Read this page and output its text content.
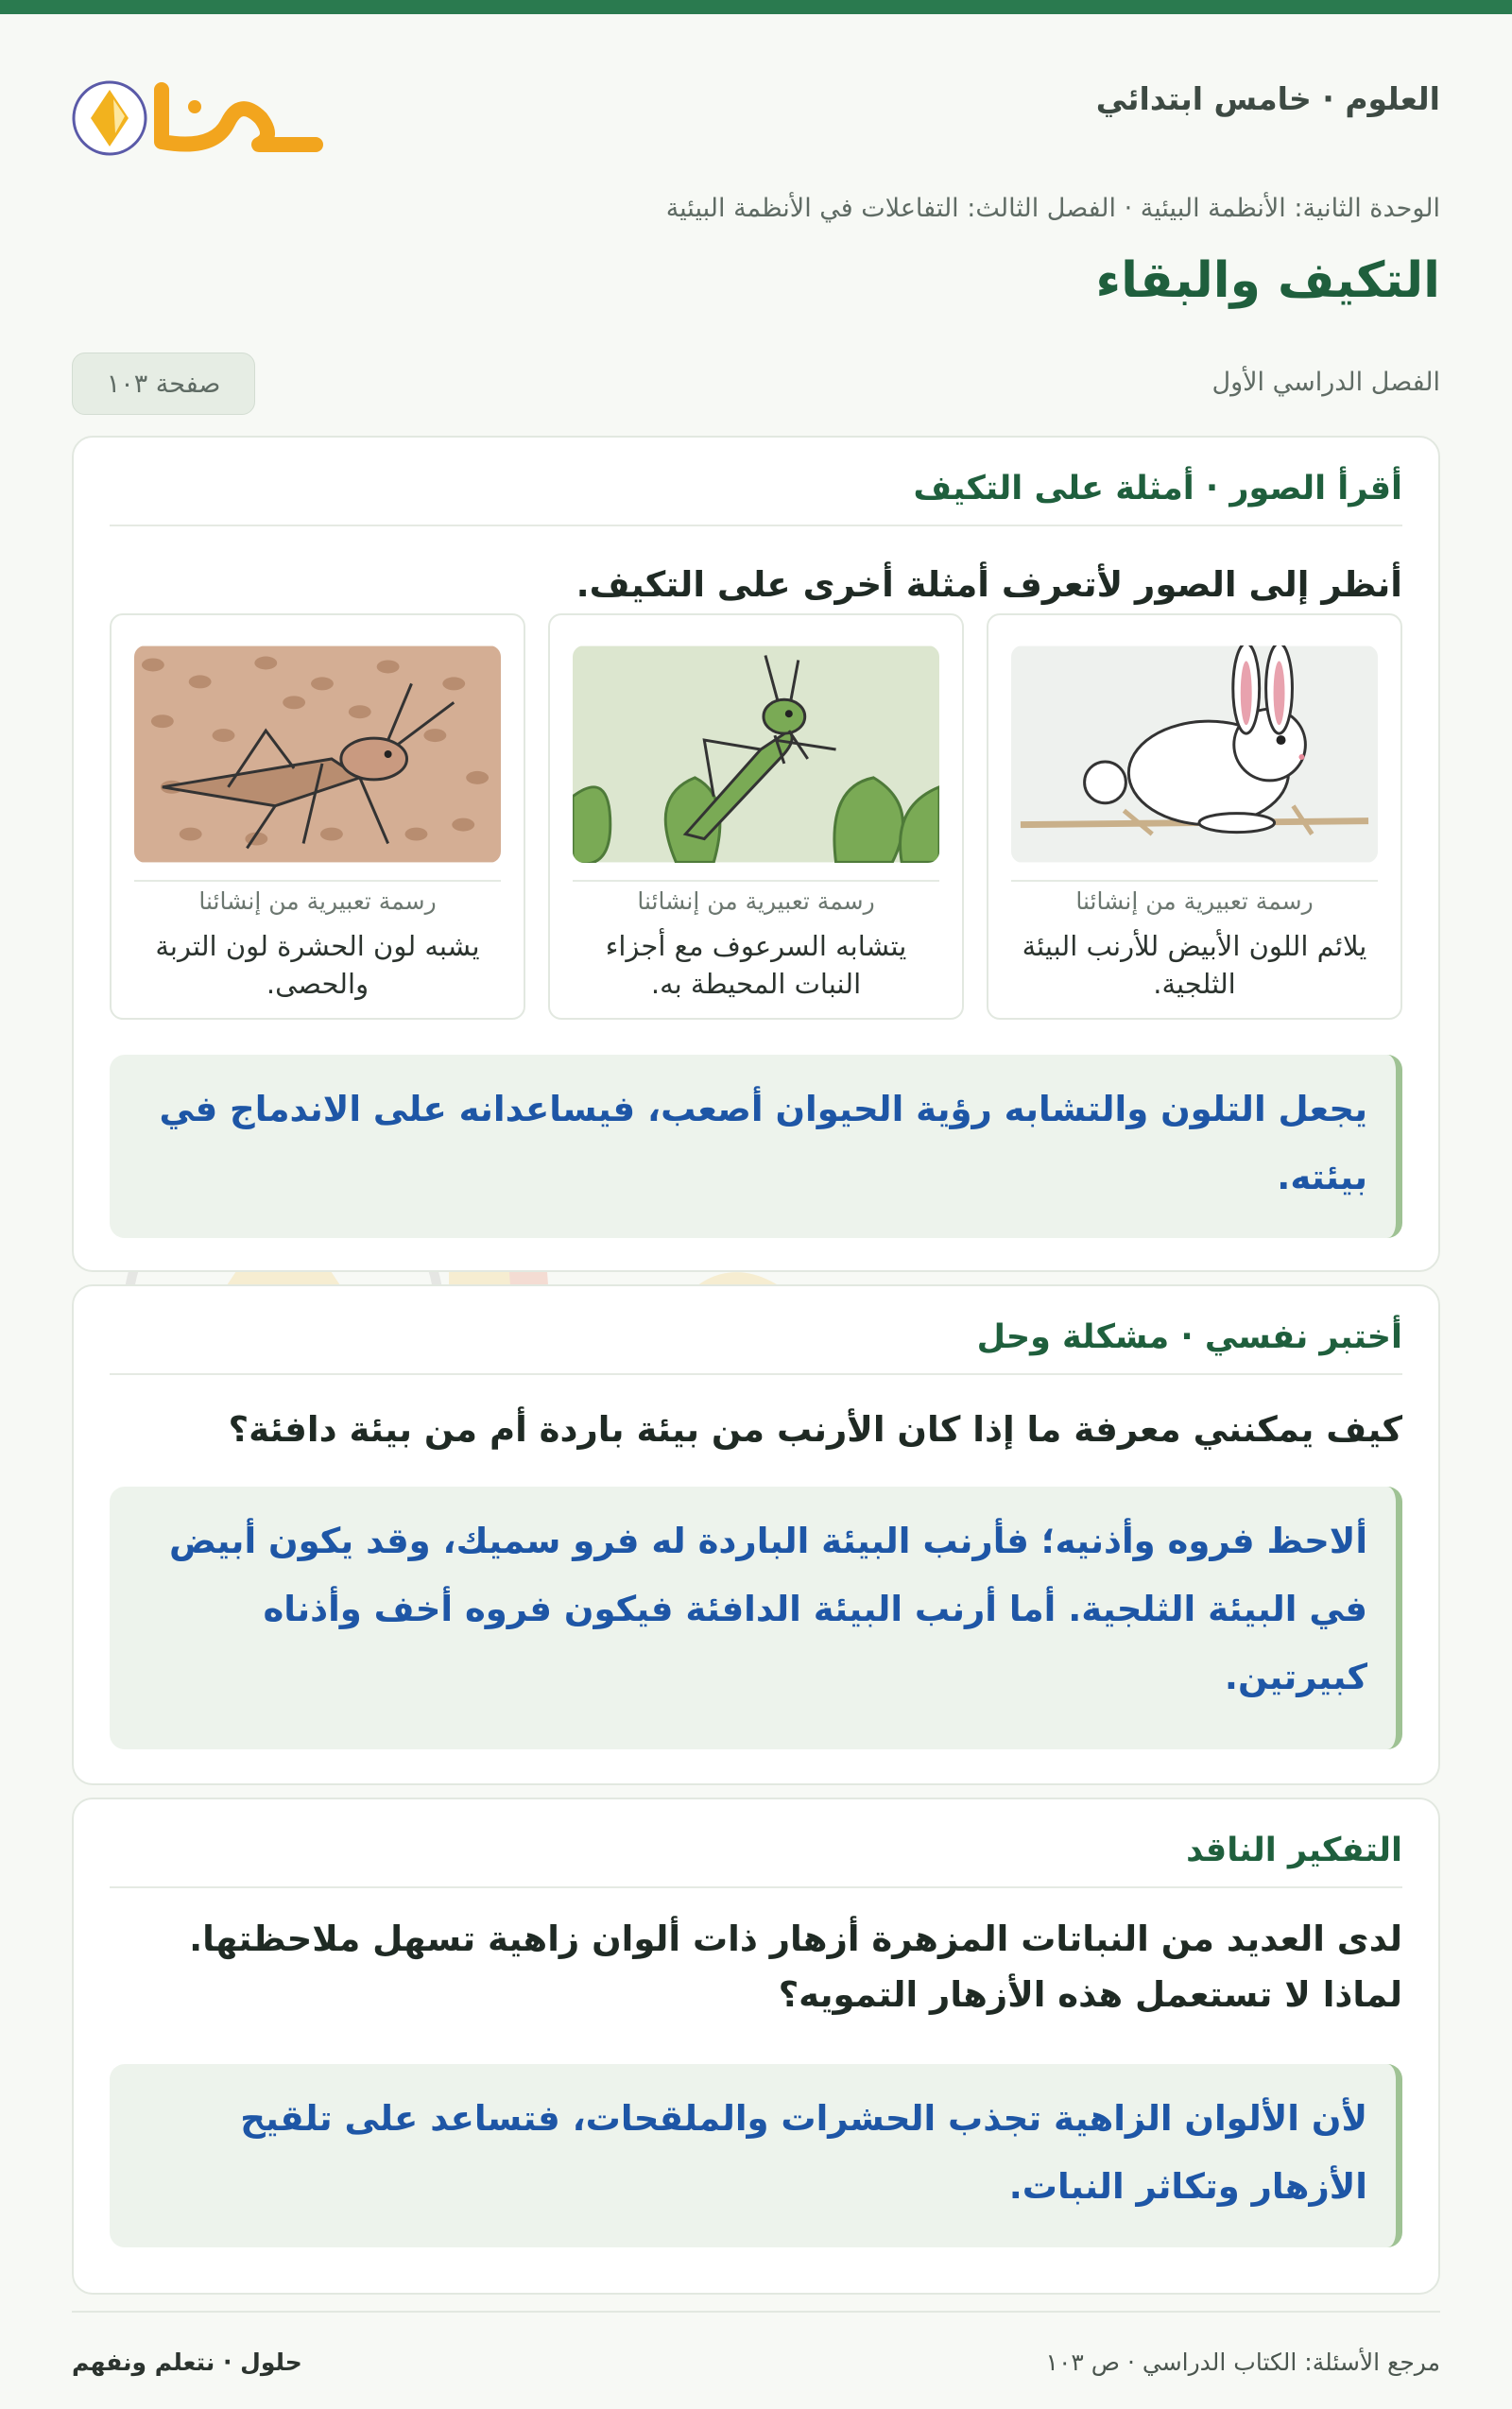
العلوم · خامس ابتدائي
الوحدة الثانية: الأنظمة البيئية · الفصل الثالث: التفاعلات في الأنظمة البيئية
التكيف والبقاء
الفصل الدراسي الأول
صفحة ١٠٣
أقرأ الصور · أمثلة على التكيف

أنظر إلى الصور لأتعرف أمثلة أخرى على التكيف.

رسمة تعبيرية من إنشائنا
يلائم اللون الأبيض للأرنب البيئة الثلجية.
رسمة تعبيرية من إنشائنا
يتشابه السرعوف مع أجزاء النبات المحيطة به.
رسمة تعبيرية من إنشائنا
يشبه لون الحشرة لون التربة والحصى.
يجعل التلون والتشابه رؤية الحيوان أصعب، فيساعدانه على الاندماج في بيئته.
أختبر نفسي · مشكلة وحل

كيف يمكنني معرفة ما إذا كان الأرنب من بيئة باردة أم من بيئة دافئة؟

ألاحظ فروه وأذنيه؛ فأرنب البيئة الباردة له فرو سميك، وقد يكون أبيض في البيئة الثلجية. أما أرنب البيئة الدافئة فيكون فروه أخف وأذناه كبيرتين.
التفكير الناقد

لدى العديد من النباتات المزهرة أزهار ذات ألوان زاهية تسهل ملاحظتها. لماذا لا تستعمل هذه الأزهار التمويه؟

لأن الألوان الزاهية تجذب الحشرات والملقحات، فتساعد على تلقيح الأزهار وتكاثر النبات.
مرجع الأسئلة: الكتاب الدراسي · ص ١٠٣
حلول · نتعلم ونفهم
